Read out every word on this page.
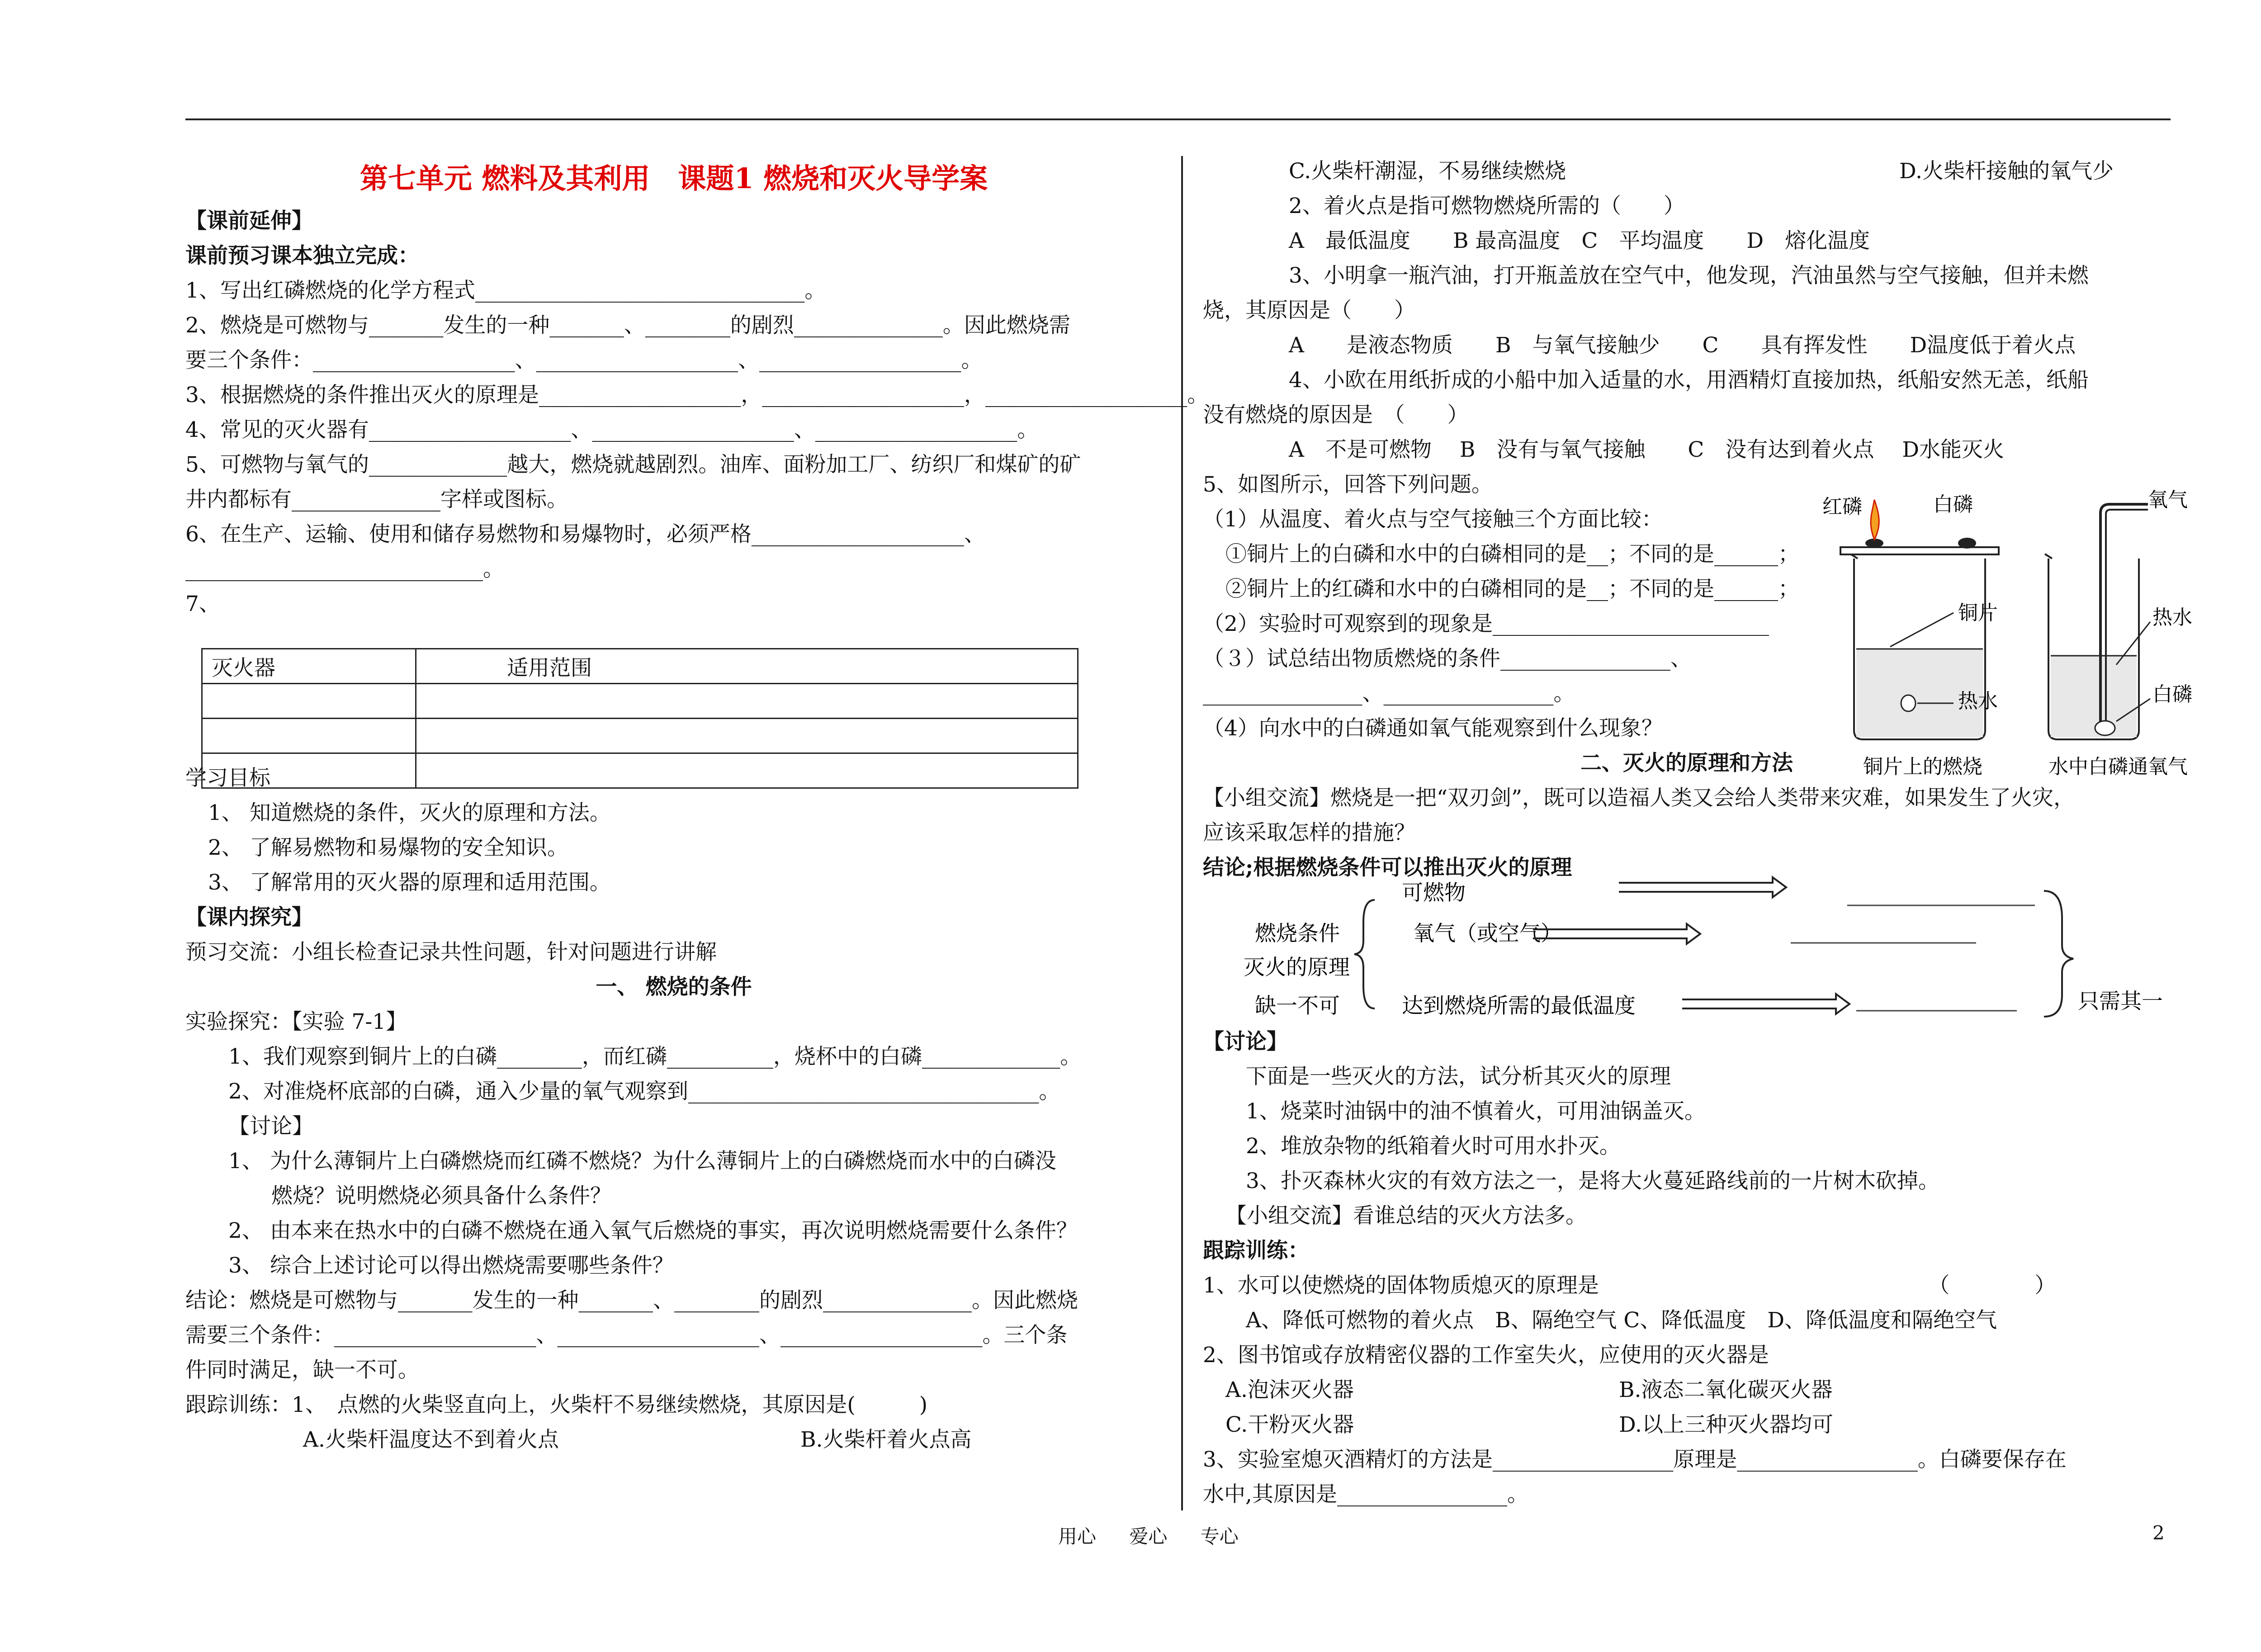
第七单元 燃料及其利用　课题1 燃烧和灭火导学案
【课前延伸】
课前预习课本独立完成：
1、写出红磷燃烧的化学方程式_______________________________。
2、燃烧是可燃物与_______发生的一种_______、________的剧烈______________。因此燃烧需
要三个条件：___________________、___________________、___________________。
3、根据燃烧的条件推出灭火的原理是___________________，___________________，___________________。
4、常见的灭火器有___________________、___________________、___________________。
5、可燃物与氧气的_____________越大，燃烧就越剧烈。油库、面粉加工厂、纺织厂和煤矿的矿
井内都标有______________字样或图标。
6、在生产、运输、使用和储存易燃物和易爆物时，必须严格____________________、
____________________________。
7、
学习目标
1、 知道燃烧的条件，灭火的原理和方法。
2、 了解易燃物和易爆物的安全知识。
3、 了解常用的灭火器的原理和适用范围。
【课内探究】
预习交流：小组长检查记录共性问题，针对问题进行讲解
一、 燃烧的条件
实验探究：【实验 7-1】
1、我们观察到铜片上的白磷________，而红磷__________，烧杯中的白磷_____________。
2、对准烧杯底部的白磷，通入少量的氧气观察到_________________________________。
【讨论】
1、 为什么薄铜片上白磷燃烧而红磷不燃烧？为什么薄铜片上的白磷燃烧而水中的白磷没
燃烧？说明燃烧必须具备什么条件？
2、 由本来在热水中的白磷不燃烧在通入氧气后燃烧的事实，再次说明燃烧需要什么条件？
3、 综合上述讨论可以得出燃烧需要哪些条件？
结论：燃烧是可燃物与_______发生的一种_______、________的剧烈______________。因此燃烧
需要三个条件：___________________、___________________、___________________。三个条
件同时满足，缺一不可。
跟踪训练：1、　点燃的火柴竖直向上，火柴杆不易继续燃烧，其原因是(　　　)
A.火柴杆温度达不到着火点	B.火柴杆着火点高
灭火器	适用范围

C.火柴杆潮湿，不易继续燃烧	D.火柴杆接触的氧气少
2、着火点是指可燃物燃烧所需的（　　）
A　最低温度　　B 最高温度　C　平均温度　　D　熔化温度
3、小明拿一瓶汽油，打开瓶盖放在空气中，他发现，汽油虽然与空气接触，但并未燃
烧，其原因是（　　）
A　　是液态物质　　B　与氧气接触少　　C　　具有挥发性　　D温度低于着火点
4、小欧在用纸折成的小船中加入适量的水，用酒精灯直接加热，纸船安然无恙，纸船
没有燃烧的原因是　（　　）
A　不是可燃物　 B　没有与氧气接触　　C　没有达到着火点　 D水能灭火
5、如图所示，回答下列问题。
（1）从温度、着火点与空气接触三个方面比较：
①铜片上的白磷和水中的白磷相同的是__；不同的是______；
②铜片上的红磷和水中的白磷相同的是__；不同的是______；
（2）实验时可观察到的现象是__________________________
（３）试总结出物质燃烧的条件________________、
_______________、________________。
（4）向水中的白磷通如氧气能观察到什么现象？
二、灭火的原理和方法
【小组交流】燃烧是一把“双刃剑”，既可以造福人类又会给人类带来灾难，如果发生了火灾，
应该采取怎样的措施？
结论;根据燃烧条件可以推出灭火的原理
【讨论】
下面是一些灭火的方法，试分析其灭火的原理
1、烧菜时油锅中的油不慎着火，可用油锅盖灭。
2、堆放杂物的纸箱着火时可用水扑灭。
3、扑灭森林火灾的有效方法之一，是将大火蔓延路线前的一片树木砍掉。
【小组交流】看谁总结的灭火方法多。
跟踪训练：
1、水可以使燃烧的固体物质熄灭的原理是　　　　　　　　　　　　　　　　（　　　　）
A、降低可燃物的着火点　B、隔绝空气 C、降低温度　D、降低温度和隔绝空气
2、图书馆或存放精密仪器的工作室失火，应使用的灭火器是
A.泡沫灭火器	B.液态二氧化碳灭火器
C.干粉灭火器	D.以上三种灭火器均可
3、实验室熄灭酒精灯的方法是_________________原理是_________________。白磷要保存在
水中,其原因是________________。
红磷	白磷
铜片
热水
铜片上的燃烧
氧气
热水
白磷
水中白磷通氧气
燃烧条件
灭火的原理
缺一不可
可燃物
氧气（或空气）
达到燃烧所需的最低温度	只需其一
用心 爱心 专心	2
